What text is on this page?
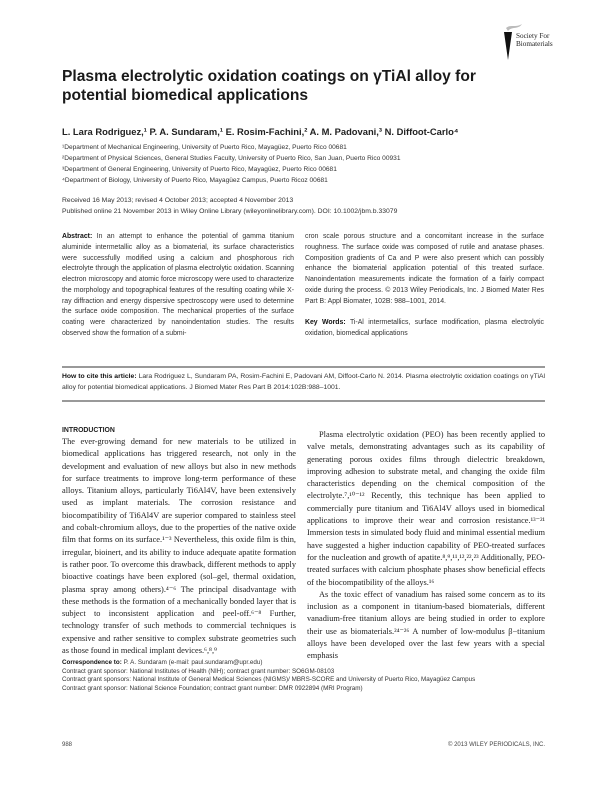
Society For
Biomaterials
Plasma electrolytic oxidation coatings on γTiAl alloy for potential biomedical applications
L. Lara Rodriguez,¹ P. A. Sundaram,¹ E. Rosim-Fachini,² A. M. Padovani,³ N. Diffoot-Carlo⁴
¹Department of Mechanical Engineering, University of Puerto Rico, Mayagüez, Puerto Rico 00681
²Department of Physical Sciences, General Studies Faculty, University of Puerto Rico, San Juan, Puerto Rico 00931
³Department of General Engineering, University of Puerto Rico, Mayagüez, Puerto Rico 00681
⁴Department of Biology, University of Puerto Rico, Mayagüez Campus, Puerto Ricoz 00681
Received 16 May 2013; revised 4 October 2013; accepted 4 November 2013
Published online 21 November 2013 in Wiley Online Library (wileyonlinelibrary.com). DOI: 10.1002/jbm.b.33079
Abstract: In an attempt to enhance the potential of gamma titanium aluminide intermetallic alloy as a biomaterial, its surface characteristics were successfully modified using a calcium and phosphorous rich electrolyte through the application of plasma electrolytic oxidation. Scanning electron microscopy and atomic force microscopy were used to characterize the morphology and topographical features of the resulting coating while X-ray diffraction and energy dispersive spectroscopy were used to determine the surface oxide composition. The mechanical properties of the surface coating were characterized by nanoindentation studies. The results observed show the formation of a submi-
cron scale porous structure and a concomitant increase in the surface roughness. The surface oxide was composed of rutile and anatase phases. Composition gradients of Ca and P were also present which can possibly enhance the biomaterial application potential of this treated surface. Nanoindentation measurements indicate the formation of a fairly compact oxide during the process. © 2013 Wiley Periodicals, Inc. J Biomed Mater Res Part B: Appl Biomater, 102B: 988–1001, 2014.
Key Words: Ti-Al intermetallics, surface modification, plasma electrolytic oxidation, biomedical applications
How to cite this article: Lara Rodriguez L, Sundaram PA, Rosim-Fachini E, Padovani AM, Diffoot-Carlo N. 2014. Plasma electrolytic oxidation coatings on γTiAl alloy for potential biomedical applications. J Biomed Mater Res Part B 2014:102B:988–1001.
INTRODUCTION

The ever-growing demand for new materials to be utilized in biomedical applications has triggered research, not only in the development and evaluation of new alloys but also in new methods for surface treatments to improve long-term performance of these alloys. Titanium alloys, particularly Ti6Al4V, have been extensively used as implant materials. The corrosion resistance and biocompatibility of Ti6Al4V are superior compared to stainless steel and cobalt-chromium alloys, due to the properties of the native oxide film that forms on its surface.¹⁻³ Nevertheless, this oxide film is thin, irregular, bioinert, and its ability to induce adequate apatite formation is rather poor. To overcome this drawback, different methods to apply bioactive coatings have been explored (sol–gel, thermal oxidation, plasma spray among others).⁴⁻⁶ The principal disadvantage with these methods is the formation of a mechanically bonded layer that is subject to inconsistent application and peel-off.⁶⁻⁸ Further, technology transfer of such methods to commercial techniques is expensive and rather sensitive to complex substrate geometries such as those found in medical implant devices.⁶,⁸,⁹

Plasma electrolytic oxidation (PEO) has been recently applied to valve metals, demonstrating advantages such as its capability of generating porous oxides films through dielectric breakdown, improving adhesion to substrate metal, and changing the oxide film characteristics depending on the chemical composition of the electrolyte.⁷,¹⁰⁻¹² Recently, this technique has been applied to commercially pure titanium and Ti6Al4V alloys used in biomedical applications to improve their wear and corrosion resistance.¹³⁻²¹ Immersion tests in simulated body fluid and minimal essential medium have suggested a higher induction capability of PEO-treated surfaces for the nucleation and growth of apatite.⁸,⁹,¹¹,¹²,²²,²³ Additionally, PEO-treated surfaces with calcium phosphate phases show beneficial effects of the biocompatibility of the alloys.¹⁶

As the toxic effect of vanadium has raised some concern as to its inclusion as a component in titanium-based biomaterials, different vanadium-free titanium alloys are being studied in order to explore their use as biomaterials.²⁴⁻²⁶ A number of low-modulus β−titanium alloys have been developed over the last few years with a special emphasis

Correspondence to: P. A. Sundaram (e-mail: paul.sundaram@upr.edu)
Contract grant sponsor: National Institutes of Health (NIH); contract grant number: SO6GM-08103
Contract grant sponsors: National Institute of General Medical Sciences (NIGMS)/ MBRS-SCORE and University of Puerto Rico, Mayagüez Campus
Contract grant sponsor: National Science Foundation; contract grant number: DMR 0922894 (MRI Program)
988	© 2013 WILEY PERIODICALS, INC.
